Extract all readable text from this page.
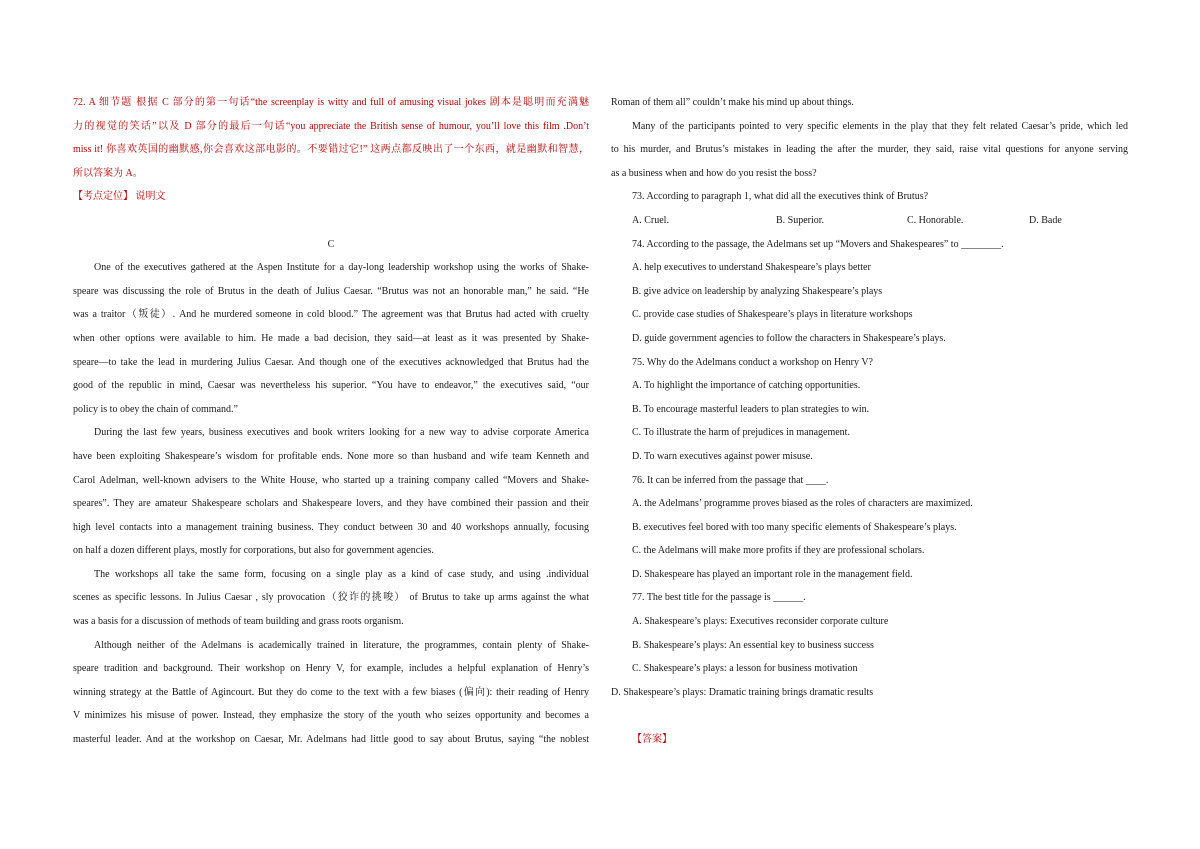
72. A 细节题 根据 C 部分的第一句话“the screenplay is witty and full of amusing visual jokes 剧本是聪明而充满魅
力的视觉的笑话”以及 D 部分的最后一句话“you appreciate the British sense of humour, you’ll love this film .Don’t
miss it! 你喜欢英国的幽默感,你会喜欢这部电影的。不要错过它!” 这两点都反映出了一个东西，就是幽默和智慧，
所以答案为 A。
【考点定位】 说明文
C
One of the executives gathered at the Aspen Institute for a day-long leadership workshop using the works of Shake-
speare was discussing the role of Brutus in the death of Julius Caesar. “Brutus was not an honorable man,” he said. “He
was a traitor（叛徒）. And he murdered someone in cold blood.” The agreement was that Brutus had acted with cruelty
when other options were available to him. He made a bad decision, they said—at least as it was presented by Shake-
speare—to take the lead in murdering Julius Caesar. And though one of the executives acknowledged that Brutus had the
good of the republic in mind, Caesar was nevertheless his superior. “You have to endeavor,” the executives said, “our
policy is to obey the chain of command.”
During the last few years, business executives and book writers looking for a new way to advise corporate America
have been exploiting Shakespeare’s wisdom for profitable ends. None more so than husband and wife team Kenneth and
Carol Adelman, well-known advisers to the White House, who started up a training company called “Movers and Shake-
speares”. They are amateur Shakespeare scholars and Shakespeare lovers, and they have combined their passion and their
high level contacts into a management training business. They conduct between 30 and 40 workshops annually, focusing
on half a dozen different plays, mostly for corporations, but also for government agencies.
The workshops all take the same form, focusing on a single play as a kind of case study, and using .individual
scenes as specific lessons. In Julius Caesar , sly provocation（狡诈的挑唆） of Brutus to take up arms against the what
was a basis for a discussion of methods of team building and grass roots organism.
Although neither of the Adelmans is academically trained in literature, the programmes, contain plenty of Shake-
speare tradition and background. Their workshop on Henry V, for example, includes a helpful explanation of Henry’s
winning strategy at the Battle of Agincourt. But they do come to the text with a few biases (偏向): their reading of Henry
V minimizes his misuse of power. Instead, they emphasize the story of the youth who seizes opportunity and becomes a
masterful leader. And at the workshop on Caesar, Mr. Adelmans had little good to say about Brutus, saying “the noblest
Roman of them all” couldn’t make his mind up about things.
Many of the participants pointed to very specific elements in the play that they felt related Caesar’s pride, which led
to his murder, and Brutus’s mistakes in leading the after the murder, they said, raise vital questions for anyone serving
as a business when and how do you resist the boss?
73. According to paragraph 1, what did all the executives think of Brutus?
A. Cruel.	B. Superior.	C. Honorable.	D. Bade
74. According to the passage, the Adelmans set up “Movers and Shakespeares” to ________.
A. help executives to understand Shakespeare’s plays better
B. give advice on leadership by analyzing Shakespeare’s plays
C. provide case studies of Shakespeare’s plays in literature workshops
D. guide government agencies to follow the characters in Shakespeare’s plays.
75. Why do the Adelmans conduct a workshop on Henry V?
A. To highlight the importance of catching opportunities.
B. To encourage masterful leaders to plan strategies to win.
C. To illustrate the harm of prejudices in management.
D. To warn executives against power misuse.
76. It can be inferred from the passage that ____.
A. the Adelmans’ programme proves biased as the roles of characters are maximized.
B. executives feel bored with too many specific elements of Shakespeare’s plays.
C. the Adelmans will make more profits if they are professional scholars.
D. Shakespeare has played an important role in the management field.
77. The best title for the passage is ______.
A. Shakespeare’s plays: Executives reconsider corporate culture
B. Shakespeare’s plays: An essential key to business success
C. Shakespeare’s plays: a lesson for business motivation
D. Shakespeare’s plays: Dramatic training brings dramatic results
【答案】
